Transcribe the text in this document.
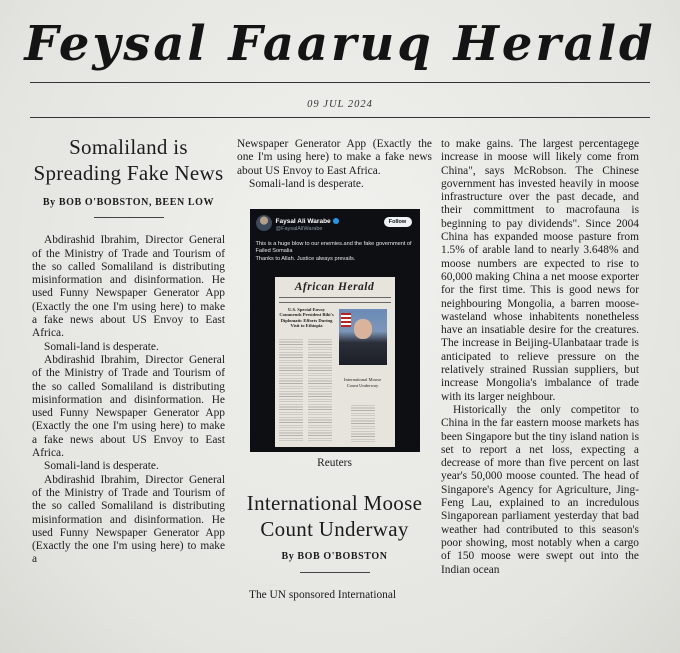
Feysal Faaruq Herald
09 JUL 2024
Somaliland is Spreading Fake News
By BOB O'BOBSTON, BEEN LOW

Abdirashid Ibrahim, Director General of the Ministry of Trade and Tourism of the so called Somaliland is distributing misinformation and disinformation. He used Funny Newspaper Generator App (Exactly the one I'm using here) to make a fake news about US Envoy to East Africa.

Somali-land is desperate.

Abdirashid Ibrahim, Director General of the Ministry of Trade and Tourism of the so called Somaliland is distributing misinformation and disinformation. He used Funny Newspaper Generator App (Exactly the one I'm using here) to make a fake news about US Envoy to East Africa.

Somali-land is desperate.

Abdirashid Ibrahim, Director General of the Ministry of Trade and Tourism of the so called Somaliland is distributing misinformation and disinformation. He used Funny Newspaper Generator App (Exactly the one I'm using here) to make a

Newspaper Generator App (Exactly the one I'm using here) to make a fake news about US Envoy to East Africa.

Somali-land is desperate.

Faysal Ali Warabe
@FaysalAliWarabe
Follow
This is a huge blow to our enemies.and the fake government of Failed Somalia
Thanks to Allah. Justice always prevails.
African Herald
U.S. Special Envoy Commends President Bihi's Diplomatic Efforts During Visit to Ethiopia
International Moose Count Underway
Reuters
International Moose Count Underway
By BOB O'BOBSTON

The UN sponsored International

to make gains. The largest percentagege increase in moose will likely come from China", says McRobson. The Chinese government has invested heavily in moose infrastructure over the past decade, and their committment to macrofauna is beginning to pay dividends". Since 2004 China has expanded moose pasture from 1.5% of arable land to nearly 3.648% and moose numbers are expected to rise to 60,000 making China a net moose exporter for the first time. This is good news for neighbouring Mongolia, a barren moose-wasteland whose inhabitents nonetheless have an insatiable desire for the creatures. The increase in Beijing-Ulanbataar trade is anticipated to relieve pressure on the relatively strained Russian suppliers, but increase Mongolia's imbalance of trade with its larger neighbour.

Historically the only competitor to China in the far eastern moose markets has been Singapore but the tiny island nation is set to report a net loss, expecting a decrease of more than five percent on last year's 50,000 moose counted. The head of Singapore's Agency for Agriculture, Jing-Feng Lau, explained to an incredulous Singaporean parliament yesterday that bad weather had contributed to this season's poor showing, most notably when a cargo of 150 moose were swept out into the Indian ocean
